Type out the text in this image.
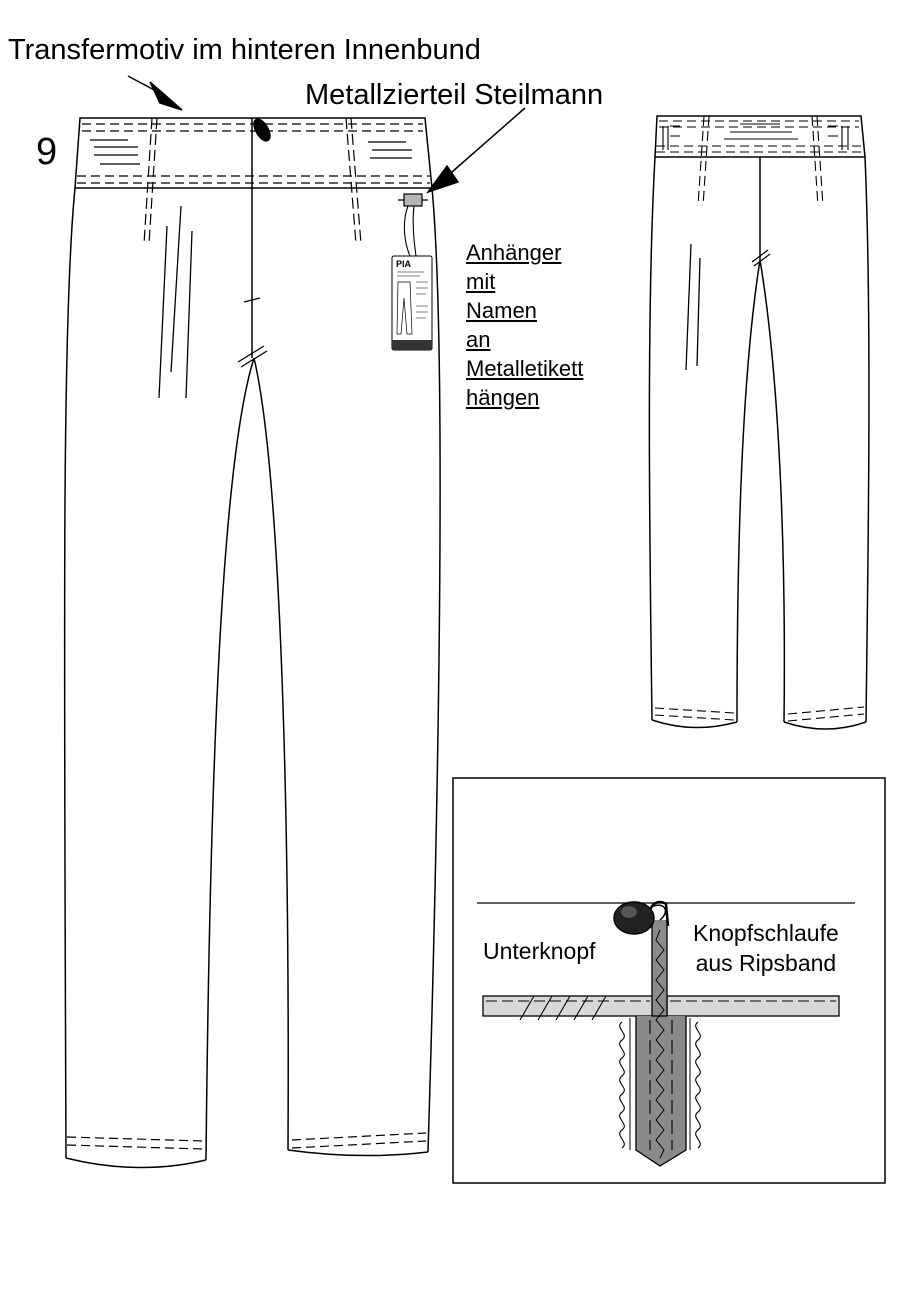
Transfermotiv im hinteren Innenbund
Metallzierteil Steilmann
9
Anhänger
mit
Namen
an
Metalletikett
hängen
PIA
Unterknopf
Knopfschlaufe
aus Ripsband
